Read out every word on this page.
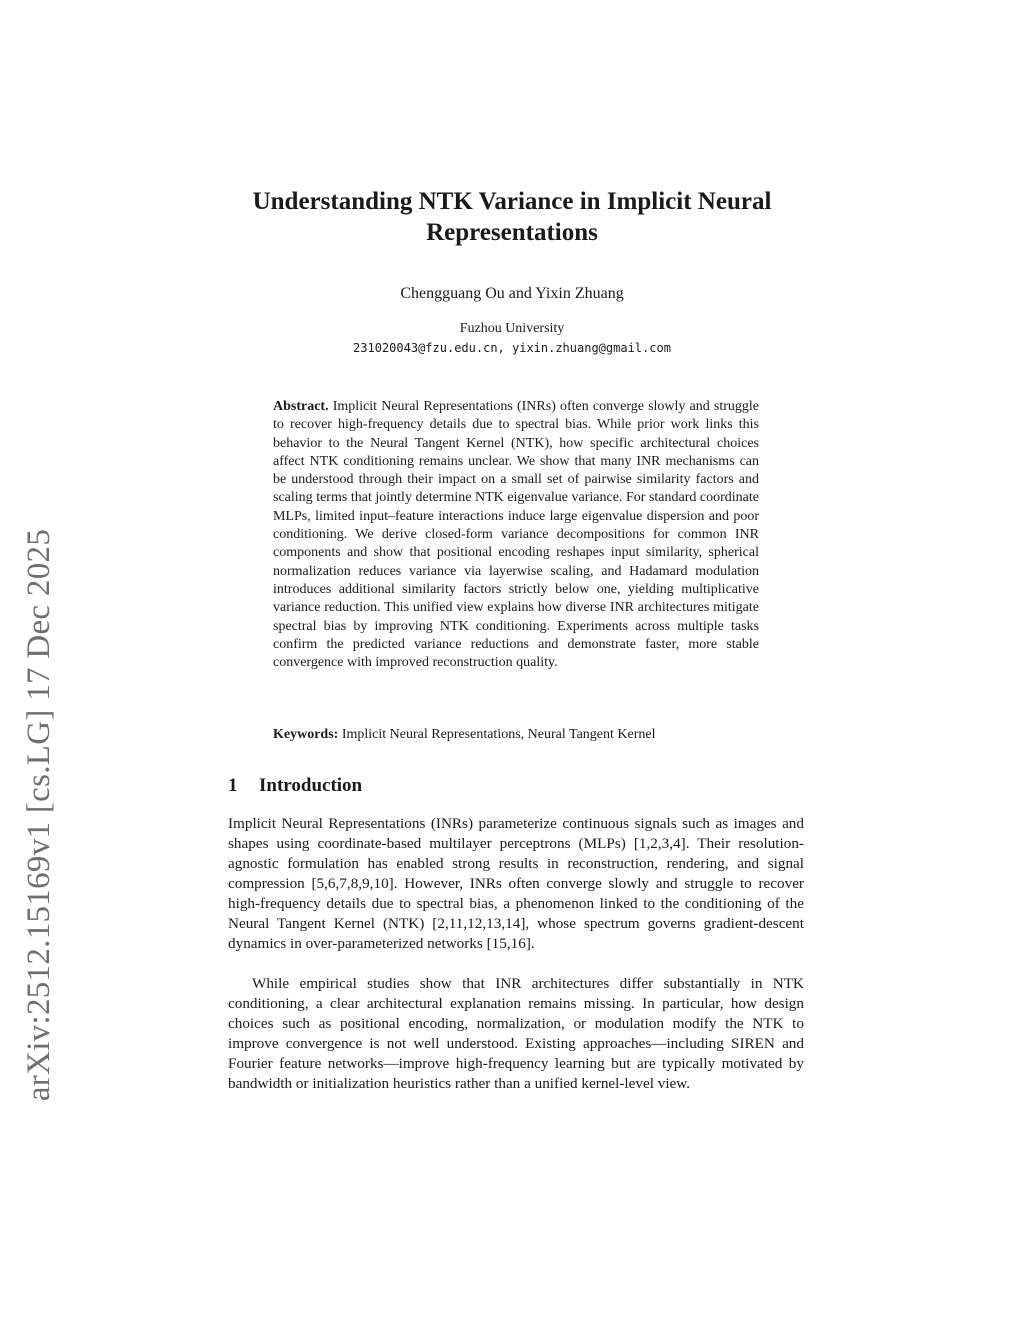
arXiv:2512.15169v1 [cs.LG] 17 Dec 2025
Understanding NTK Variance in Implicit Neural Representations
Chengguang Ou and Yixin Zhuang
Fuzhou University
231020043@fzu.edu.cn, yixin.zhuang@gmail.com

Abstract. Implicit Neural Representations (INRs) often converge slowly and struggle to recover high-frequency details due to spectral bias. While prior work links this behavior to the Neural Tangent Kernel (NTK), how specific architectural choices affect NTK conditioning remains unclear. We show that many INR mechanisms can be understood through their impact on a small set of pairwise similarity factors and scaling terms that jointly determine NTK eigenvalue variance. For standard coordinate MLPs, limited input–feature interactions induce large eigenvalue dispersion and poor conditioning. We derive closed-form variance decompositions for common INR components and show that positional encoding reshapes input similarity, spherical normalization reduces variance via layerwise scaling, and Hadamard modulation introduces additional similarity factors strictly below one, yielding multiplicative variance reduction. This unified view explains how diverse INR architectures mitigate spectral bias by improving NTK conditioning. Experiments across multiple tasks confirm the predicted variance reductions and demonstrate faster, more stable convergence with improved reconstruction quality.

Keywords: Implicit Neural Representations, Neural Tangent Kernel

1 Introduction

Implicit Neural Representations (INRs) parameterize continuous signals such as images and shapes using coordinate-based multilayer perceptrons (MLPs) [1,2,3,4]. Their resolution-agnostic formulation has enabled strong results in reconstruction, rendering, and signal compression [5,6,7,8,9,10]. However, INRs often converge slowly and struggle to recover high-frequency details due to spectral bias, a phenomenon linked to the conditioning of the Neural Tangent Kernel (NTK) [2,11,12,13,14], whose spectrum governs gradient-descent dynamics in over-parameterized networks [15,16].

While empirical studies show that INR architectures differ substantially in NTK conditioning, a clear architectural explanation remains missing. In particular, how design choices such as positional encoding, normalization, or modulation modify the NTK to improve convergence is not well understood. Existing approaches—including SIREN and Fourier feature networks—improve high-frequency learning but are typically motivated by bandwidth or initialization heuristics rather than a unified kernel-level view.
